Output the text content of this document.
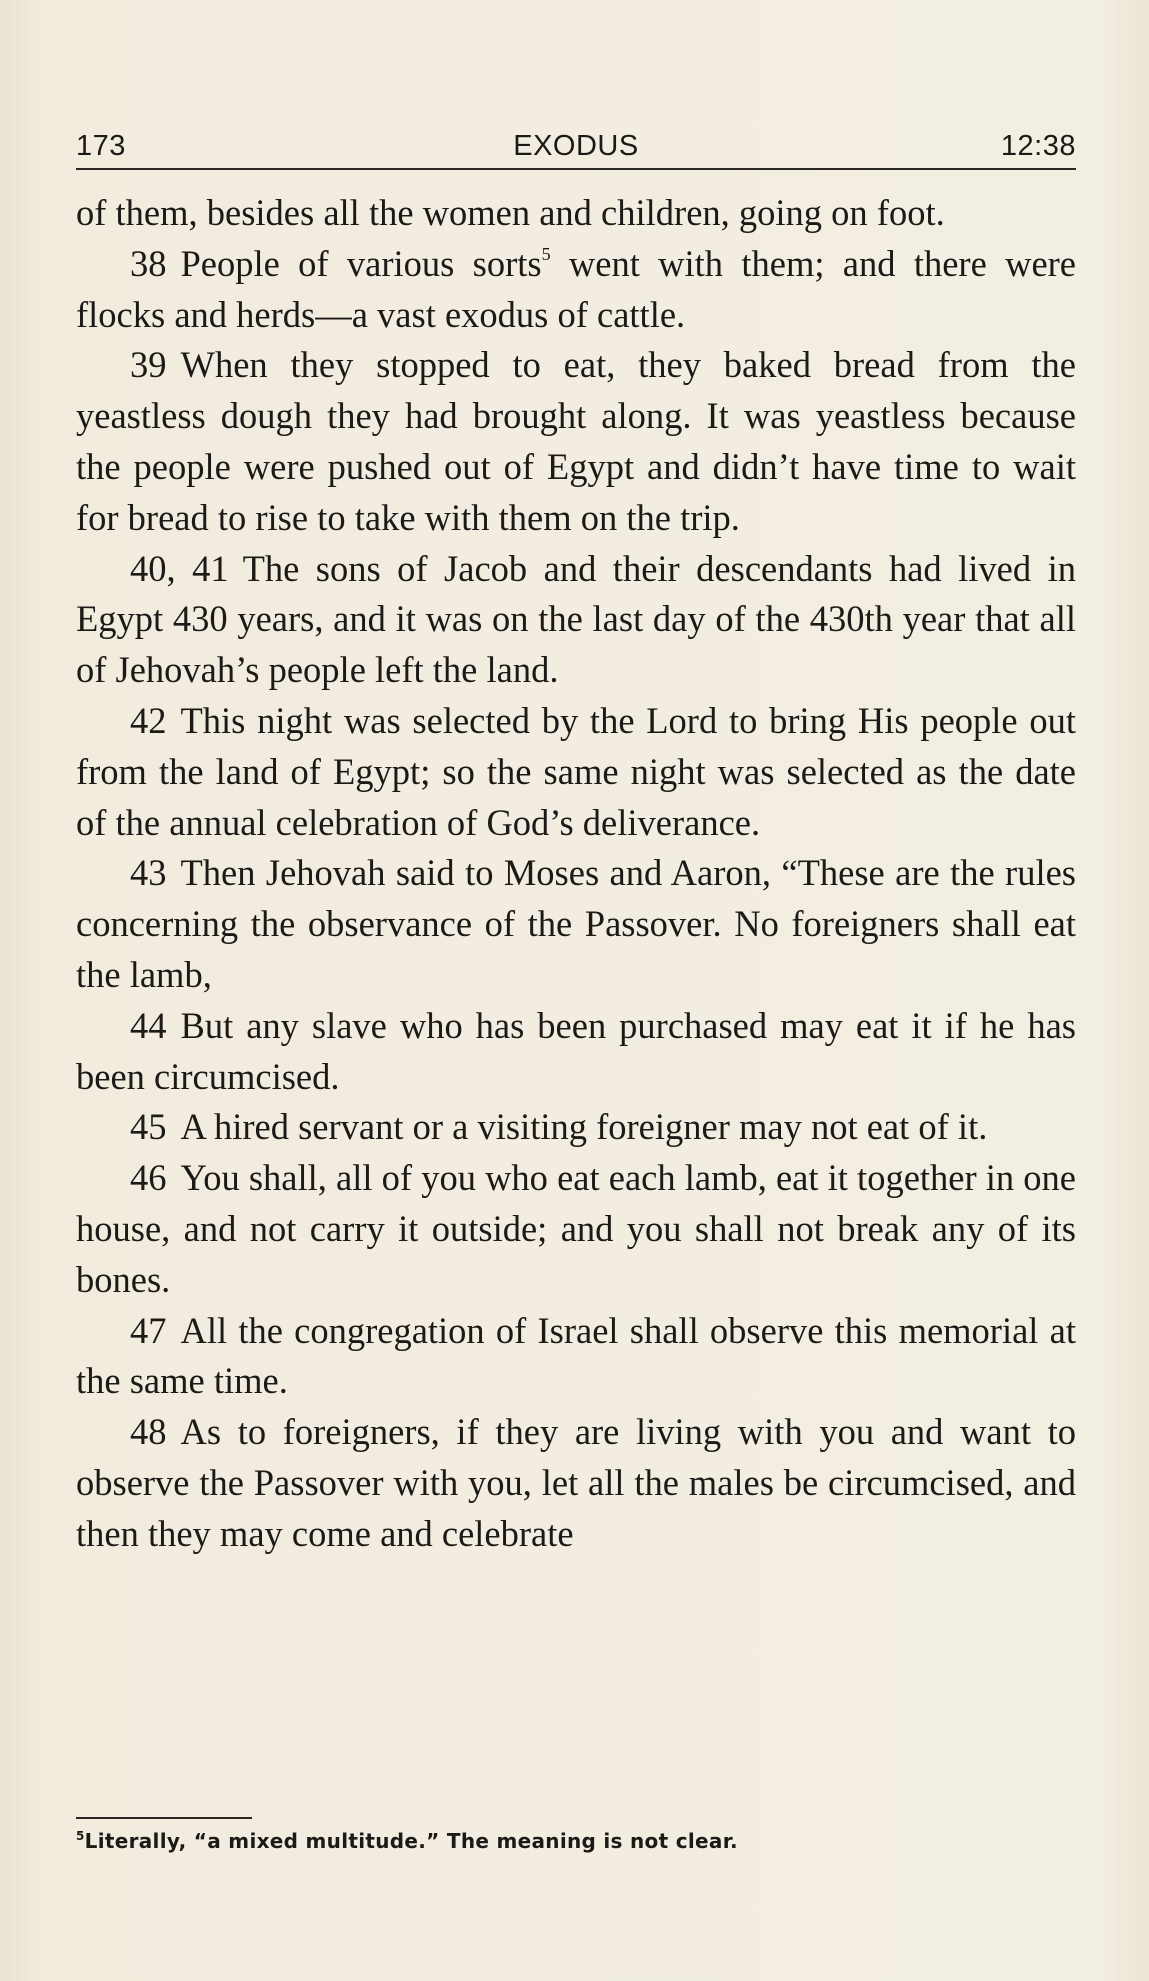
173	EXODUS	12:38

of them, besides all the women and children, going on foot.

38 People of various sorts$^5$ went with them; and there were flocks and herds—a vast exodus of cattle.

39 When they stopped to eat, they baked bread from the yeastless dough they had brought along. It was yeastless because the people were pushed out of Egypt and didn’t have time to wait for bread to rise to take with them on the trip.

40, 41 The sons of Jacob and their descendants had lived in Egypt 430 years, and it was on the last day of the 430th year that all of Jehovah’s people left the land.

42 This night was selected by the Lord to bring His people out from the land of Egypt; so the same night was selected as the date of the annual celebration of God’s deliverance.

43 Then Jehovah said to Moses and Aaron, “These are the rules concerning the observance of the Passover. No foreigners shall eat the lamb,

44 But any slave who has been purchased may eat it if he has been circumcised.

45 A hired servant or a visiting foreigner may not eat of it.

46 You shall, all of you who eat each lamb, eat it together in one house, and not carry it outside; and you shall not break any of its bones.

47 All the congregation of Israel shall observe this memorial at the same time.

48 As to foreigners, if they are living with you and want to observe the Passover with you, let all the males be circumcised, and then they may come and celebrate

$^5$Literally, “a mixed multitude.” The meaning is not clear.
